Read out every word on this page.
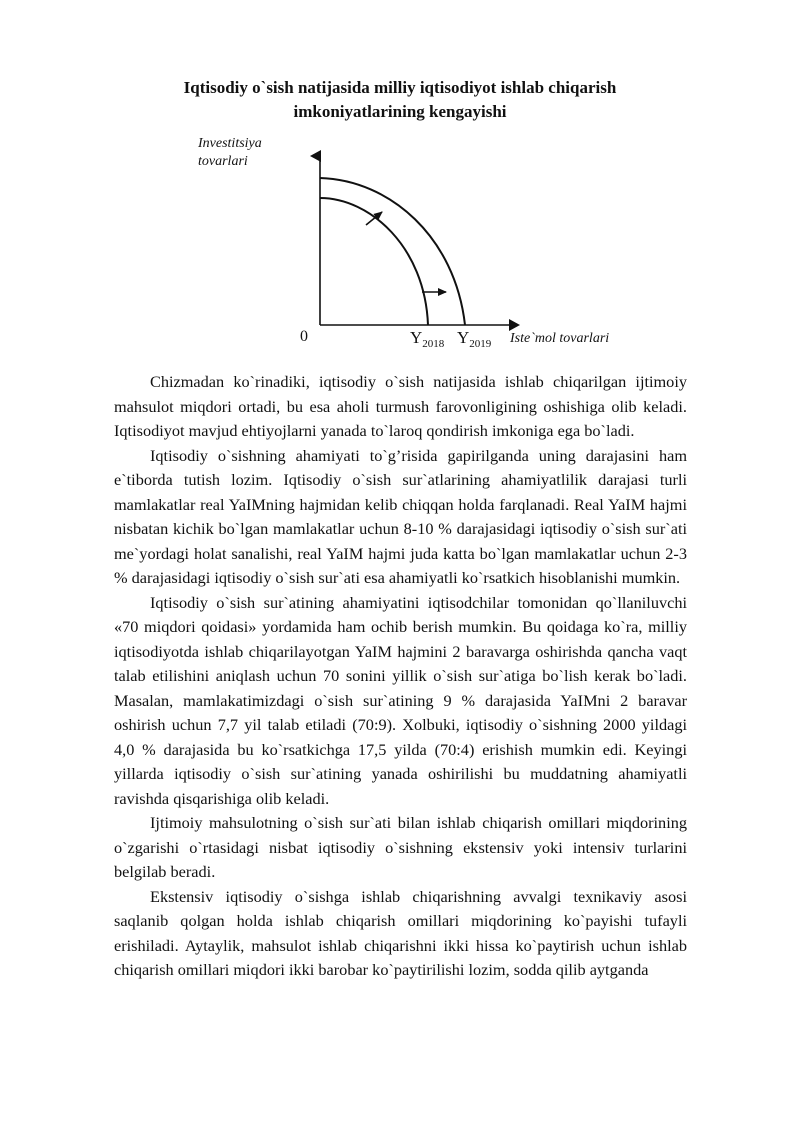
Iqtisodiy o`sish natijasida milliy iqtisodiyot ishlab chiqarish
imkoniyatlarining kengayishi
Investitsiya
tovarlari
0	$Y_{2018}$ $Y_{2019}$ Iste`mol tovarlari

Chizmadan ko`rinadiki, iqtisodiy o`sish natijasida ishlab chiqarilgan ijtimoiy mahsulot miqdori ortadi, bu esa aholi turmush farovonligining oshishiga olib keladi. Iqtisodiyot mavjud ehtiyojlarni yanada to`laroq qondirish imkoniga ega bo`ladi.

Iqtisodiy o`sishning ahamiyati to`g’risida gapirilganda uning darajasini ham e`tiborda tutish lozim. Iqtisodiy o`sish sur`atlarining ahamiyatlilik darajasi turli mamlakatlar real YaIMning hajmidan kelib chiqqan holda farqlanadi. Real YaIM hajmi nisbatan kichik bo`lgan mamlakatlar uchun 8-10 % darajasidagi iqtisodiy o`sish sur`ati me`yordagi holat sanalishi, real YaIM hajmi juda katta bo`lgan mamlakatlar uchun 2-3 % darajasidagi iqtisodiy o`sish sur`ati esa ahamiyatli ko`rsatkich hisoblanishi mumkin.

Iqtisodiy o`sish sur`atining ahamiyatini iqtisodchilar tomonidan qo`llaniluvchi «70 miqdori qoidasi» yordamida ham ochib berish mumkin. Bu qoidaga ko`ra, milliy iqtisodiyotda ishlab chiqarilayotgan YaIM hajmini 2 baravarga oshirishda qancha vaqt talab etilishini aniqlash uchun 70 sonini yillik o`sish sur`atiga bo`lish kerak bo`ladi. Masalan, mamlakatimizdagi o`sish sur`atining 9 % darajasida YaIMni 2 baravar oshirish uchun 7,7 yil talab etiladi (70:9). Xolbuki, iqtisodiy o`sishning 2000 yildagi 4,0 % darajasida bu ko`rsatkichga 17,5 yilda (70:4) erishish mumkin edi. Keyingi yillarda iqtisodiy o`sish sur`atining yanada oshirilishi bu muddatning ahamiyatli ravishda qisqarishiga olib keladi.

Ijtimoiy mahsulotning o`sish sur`ati bilan ishlab chiqarish omillari miqdorining o`zgarishi o`rtasidagi nisbat iqtisodiy o`sishning ekstensiv yoki intensiv turlarini belgilab beradi.

Ekstensiv iqtisodiy o`sishga ishlab chiqarishning avvalgi texnikaviy asosi saqlanib qolgan holda ishlab chiqarish omillari miqdorining ko`payishi tufayli erishiladi. Aytaylik, mahsulot ishlab chiqarishni ikki hissa ko`paytirish uchun ishlab chiqarish omillari miqdori ikki barobar ko`paytirilishi lozim, sodda qilib aytganda
